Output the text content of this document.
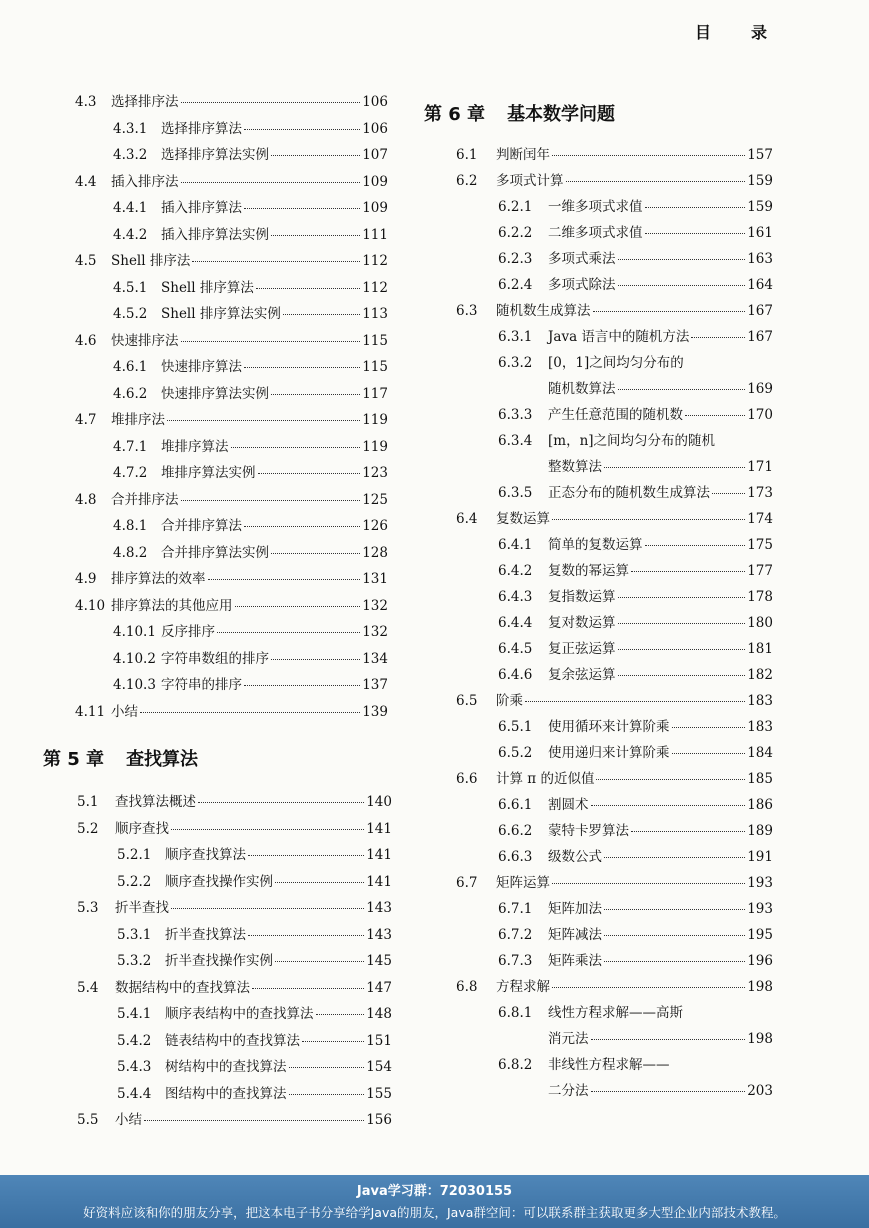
目	录
4.3	选择排序法	106
4.3.1	选择排序算法	106
4.3.2	选择排序算法实例	107
4.4	插入排序法	109
4.4.1	插入排序算法	109
4.4.2	插入排序算法实例	111
4.5	Shell 排序法	112
4.5.1	Shell 排序算法	112
4.5.2	Shell 排序算法实例	113
4.6	快速排序法	115
4.6.1	快速排序算法	115
4.6.2	快速排序算法实例	117
4.7	堆排序法	119
4.7.1	堆排序算法	119
4.7.2	堆排序算法实例	123
4.8	合并排序法	125
4.8.1	合并排序算法	126
4.8.2	合并排序算法实例	128
4.9	排序算法的效率	131
4.10 排序算法的其他应用	132
4.10.1 反序排序	132
4.10.2 字符串数组的排序	134
4.10.3 字符串的排序	137
4.11 小结	139
第 5 章 查找算法
5.1	查找算法概述	140
5.2	顺序查找	141
5.2.1	顺序查找算法	141
5.2.2	顺序查找操作实例	141
5.3	折半查找	143
5.3.1	折半查找算法	143
5.3.2	折半查找操作实例	145
5.4	数据结构中的查找算法	147
5.4.1	顺序表结构中的查找算法	148
5.4.2	链表结构中的查找算法	151
5.4.3	树结构中的查找算法	154
5.4.4	图结构中的查找算法	155
5.5	小结	156
第 6 章 基本数学问题
6.1	判断闰年	157
6.2	多项式计算	159
6.2.1	一维多项式求值	159
6.2.2	二维多项式求值	161
6.2.3	多项式乘法	163
6.2.4	多项式除法	164
6.3	随机数生成算法	167
6.3.1	Java 语言中的随机方法	167
6.3.2	[0，1]之间均匀分布的
随机数算法	169
6.3.3	产生任意范围的随机数	170
6.3.4	[m，n]之间均匀分布的随机
整数算法	171
6.3.5	正态分布的随机数生成算法	173
6.4	复数运算	174
6.4.1	简单的复数运算	175
6.4.2	复数的幂运算	177
6.4.3	复指数运算	178
6.4.4	复对数运算	180
6.4.5	复正弦运算	181
6.4.6	复余弦运算	182
6.5	阶乘	183
6.5.1	使用循环来计算阶乘	183
6.5.2	使用递归来计算阶乘	184
6.6	计算 π 的近似值	185
6.6.1	割圆术	186
6.6.2	蒙特卡罗算法	189
6.6.3	级数公式	191
6.7	矩阵运算	193
6.7.1	矩阵加法	193
6.7.2	矩阵减法	195
6.7.3	矩阵乘法	196
6.8	方程求解	198
6.8.1	线性方程求解——高斯
消元法	198
6.8.2	非线性方程求解——
二分法	203
Java学习群：72030155
好资料应该和你的朋友分享，把这本电子书分享给学Java的朋友，Java群空间：可以联系群主获取更多大型企业内部技术教程。
